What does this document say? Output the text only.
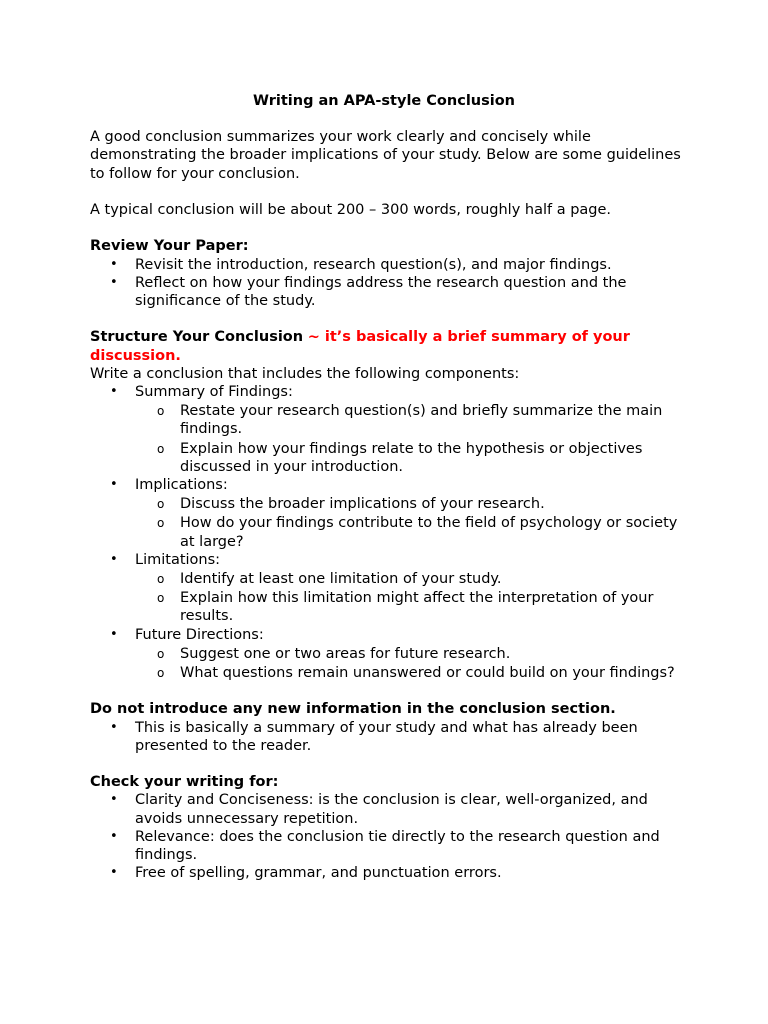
Writing an APA-style Conclusion
A good conclusion summarizes your work clearly and concisely while demonstrating the broader implications of your study. Below are some guidelines to follow for your conclusion.
A typical conclusion will be about 200 – 300 words, roughly half a page.
Review Your Paper:
• Revisit the introduction, research question(s), and major findings.
• Reflect on how your findings address the research question and the significance of the study.
Structure Your Conclusion ~ it’s basically a brief summary of your discussion.
Write a conclusion that includes the following components:
• Summary of Findings:
o Restate your research question(s) and briefly summarize the main findings.
o Explain how your findings relate to the hypothesis or objectives discussed in your introduction.
• Implications:
o Discuss the broader implications of your research.
o How do your findings contribute to the field of psychology or society at large?
• Limitations:
o Identify at least one limitation of your study.
o Explain how this limitation might affect the interpretation of your results.
• Future Directions:
o Suggest one or two areas for future research.
o What questions remain unanswered or could build on your findings?
Do not introduce any new information in the conclusion section.
• This is basically a summary of your study and what has already been presented to the reader.
Check your writing for:
• Clarity and Conciseness: is the conclusion is clear, well-organized, and avoids unnecessary repetition.
• Relevance: does the conclusion tie directly to the research question and findings.
• Free of spelling, grammar, and punctuation errors.
